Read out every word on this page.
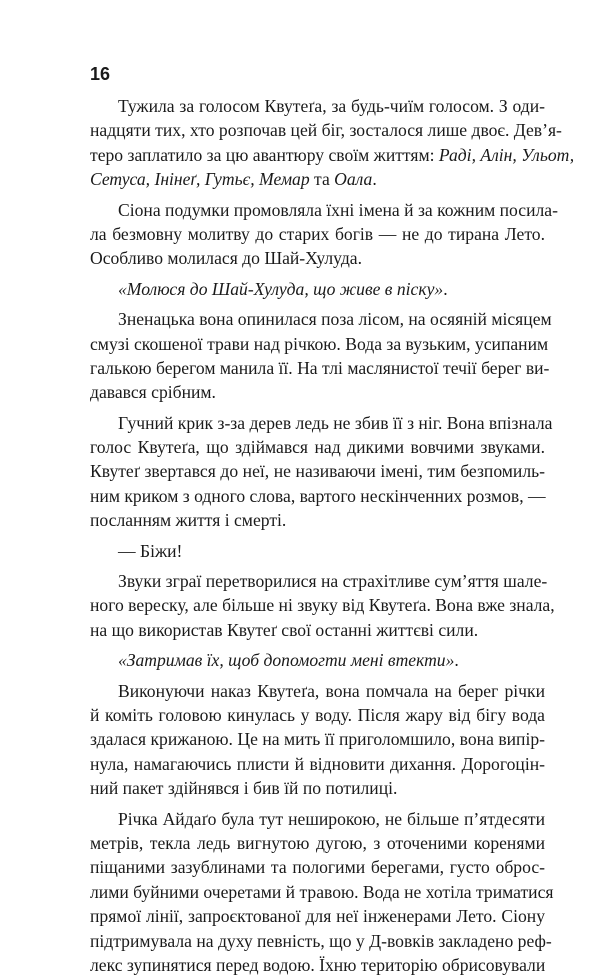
16
Тужила за голосом Квутеґа, за будь-чиїм голосом. З оди-
надцяти тих, хто розпочав цей біг, зосталося лише двоє. Дев’я-
теро заплатило за цю авантюру своїм життям: Раді, Алін, Ульот,
Сетуса, Інінеґ, Гутьє, Мемар та Оала.
Сіона подумки промовляла їхні імена й за кожним посила-
ла безмовну молитву до старих богів — не до тирана Лето.
Особливо молилася до Шай-Хулуда.
«Молюся до Шай-Хулуда, що живе в піску».
Зненацька вона опинилася поза лісом, на осяяній місяцем
смузі скошеної трави над річкою. Вода за вузьким, усипаним
галькою берегом манила її. На тлі маслянистої течії берег ви-
давався срібним.
Гучний крик з-за дерев ледь не збив її з ніг. Вона впізнала
голос Квутеґа, що здіймався над дикими вовчими звуками.
Квутеґ звертався до неї, не називаючи імені, тим безпомиль-
ним криком з одного слова, вартого нескінченних розмов, —
посланням життя і смерті.
— Біжи!
Звуки зграї перетворилися на страхітливе сум’яття шале-
ного вереску, але більше ні звуку від Квутеґа. Вона вже знала,
на що використав Квутеґ свої останні життєві сили.
«Затримав їх, щоб допомогти мені втекти».
Виконуючи наказ Квутеґа, вона помчала на берег річки
й коміть головою кинулась у воду. Після жару від бігу вода
здалася крижаною. Це на мить її приголомшило, вона випір-
нула, намагаючись плисти й відновити дихання. Дорогоцін-
ний пакет здійнявся і бив їй по потилиці.
Річка Айдаґо була тут неширокою, не більше п’ятдесяти
метрів, текла ледь вигнутою дугою, з оточеними коренями
піщаними зазублинами та пологими берегами, густо оброс-
лими буйними очеретами й травою. Вода не хотіла триматися
прямої лінії, запроєктованої для неї інженерами Лето. Сіону
підтримувала на духу певність, що у Д-вовків закладено реф-
лекс зупинятися перед водою. Їхню територію обрисовували
